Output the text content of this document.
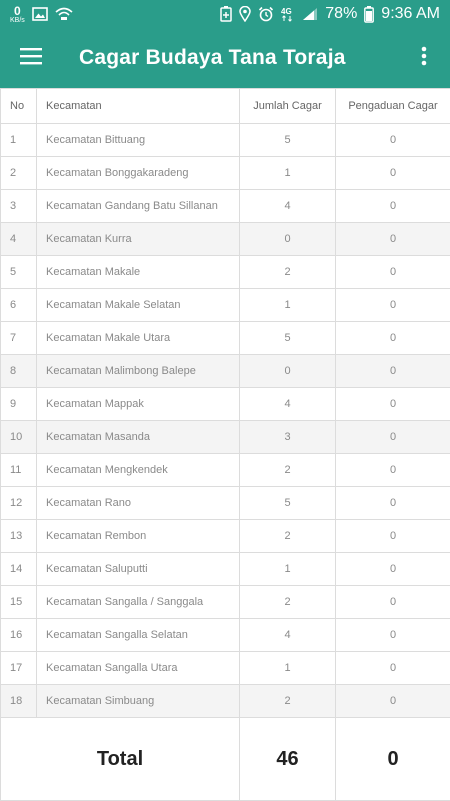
0
KB/s
4G 78% 9:36 AM
Cagar Budaya Tana Toraja
No	Kecamatan	Jumlah Cagar	Pengaduan Cagar
1	Kecamatan Bittuang	5	0
2	Kecamatan Bonggakaradeng	1	0
3	Kecamatan Gandang Batu Sillanan	4	0
4	Kecamatan Kurra	0	0
5	Kecamatan Makale	2	0
6	Kecamatan Makale Selatan	1	0
7	Kecamatan Makale Utara	5	0
8	Kecamatan Malimbong Balepe	0	0
9	Kecamatan Mappak	4	0
10	Kecamatan Masanda	3	0
11	Kecamatan Mengkendek	2	0
12	Kecamatan Rano	5	0
13	Kecamatan Rembon	2	0
14	Kecamatan Saluputti	1	0
15	Kecamatan Sangalla / Sanggala	2	0
16	Kecamatan Sangalla Selatan	4	0
17	Kecamatan Sangalla Utara	1	0
18	Kecamatan Simbuang	2	0
Total		46	0
